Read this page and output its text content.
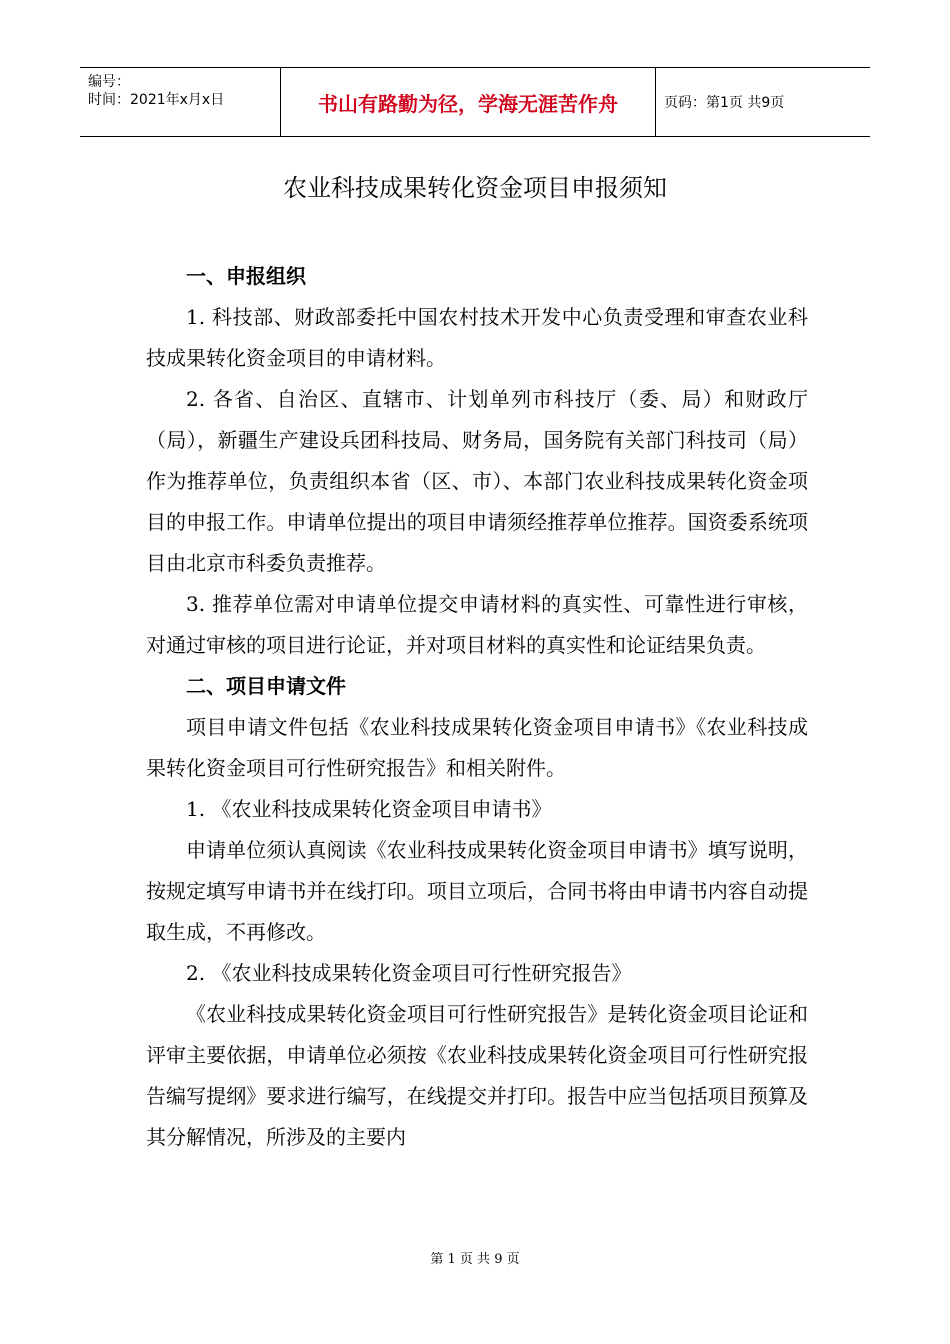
编号：
时间：2021年x月x日	书山有路勤为径，学海无涯苦作舟	页码：第1页 共9页
农业科技成果转化资金项目申报须知

一、申报组织

1. 科技部、财政部委托中国农村技术开发中心负责受理和审查农业科技成果转化资金项目的申请材料。

2. 各省、自治区、直辖市、计划单列市科技厅（委、局）和财政厅（局），新疆生产建设兵团科技局、财务局，国务院有关部门科技司（局）作为推荐单位，负责组织本省（区、市）、本部门农业科技成果转化资金项目的申报工作。申请单位提出的项目申请须经推荐单位推荐。国资委系统项目由北京市科委负责推荐。

3. 推荐单位需对申请单位提交申请材料的真实性、可靠性进行审核，对通过审核的项目进行论证，并对项目材料的真实性和论证结果负责。

二、项目申请文件

项目申请文件包括《农业科技成果转化资金项目申请书》《农业科技成果转化资金项目可行性研究报告》和相关附件。

1. 《农业科技成果转化资金项目申请书》

申请单位须认真阅读《农业科技成果转化资金项目申请书》填写说明，按规定填写申请书并在线打印。项目立项后，合同书将由申请书内容自动提取生成，不再修改。

2. 《农业科技成果转化资金项目可行性研究报告》

《农业科技成果转化资金项目可行性研究报告》是转化资金项目论证和评审主要依据，申请单位必须按《农业科技成果转化资金项目可行性研究报告编写提纲》要求进行编写，在线提交并打印。报告中应当包括项目预算及其分解情况，所涉及的主要内

第 1 页 共 9 页
